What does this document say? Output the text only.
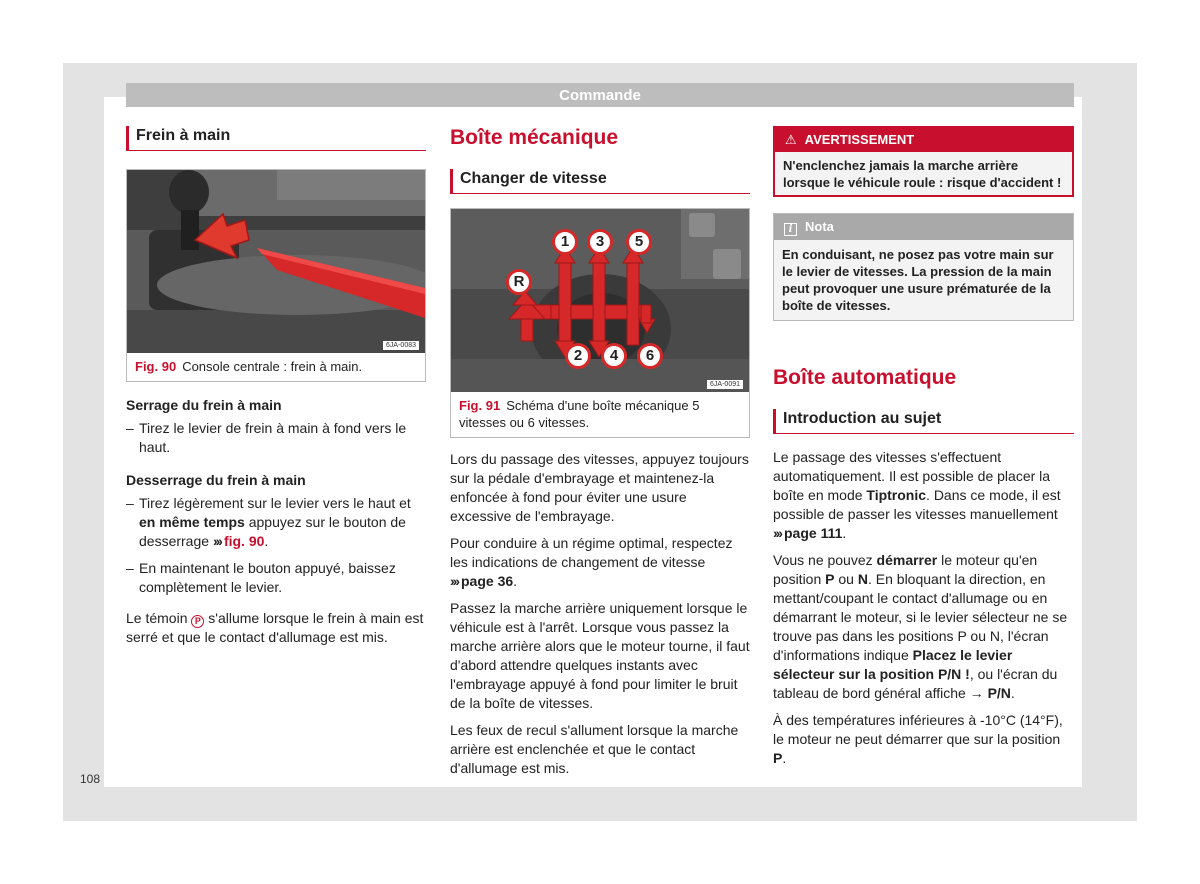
Commande
Frein à main
6JA-0083
Fig. 90 Console centrale : frein à main.
Serrage du frein à main
– Tirez le levier de frein à main à fond vers le haut.
Desserrage du frein à main
– Tirez légèrement sur le levier vers le haut et en même temps appuyez sur le bouton de desserrage ››› fig. 90.
– En maintenant le bouton appuyé, baissez complètement le levier.

Le témoin P s'allume lorsque le frein à main est serré et que le contact d'allumage est mis.

Boîte mécanique
Changer de vitesse
1	3	5
R
2	4	6
6JA-0091
Fig. 91 Schéma d'une boîte mécanique 5 vitesses ou 6 vitesses.

Lors du passage des vitesses, appuyez toujours sur la pédale d'embrayage et maintenez-la enfoncée à fond pour éviter une usure excessive de l'embrayage.

Pour conduire à un régime optimal, respectez les indications de changement de vitesse ››› page 36.

Passez la marche arrière uniquement lorsque le véhicule est à l'arrêt. Lorsque vous passez la marche arrière alors que le moteur tourne, il faut d'abord attendre quelques instants avec l'embrayage appuyé à fond pour limiter le bruit de la boîte de vitesses.

Les feux de recul s'allument lorsque la marche arrière est enclenchée et que le contact d'allumage est mis.

⚠ AVERTISSEMENT
N'enclenchez jamais la marche arrière lorsque le véhicule roule : risque d'accident !
i Nota
En conduisant, ne posez pas votre main sur le levier de vitesses. La pression de la main peut provoquer une usure prématurée de la boîte de vitesses.
Boîte automatique
Introduction au sujet

Le passage des vitesses s'effectuent automatiquement. Il est possible de placer la boîte en mode Tiptronic. Dans ce mode, il est possible de passer les vitesses manuellement ››› page 111.

Vous ne pouvez démarrer le moteur qu'en position P ou N. En bloquant la direction, en mettant/coupant le contact d'allumage ou en démarrant le moteur, si le levier sélecteur ne se trouve pas dans les positions P ou N, l'écran d'informations indique Placez le levier sélecteur sur la position P/N !, ou l'écran du tableau de bord général affiche → P/N.

À des températures inférieures à -10°C (14°F), le moteur ne peut démarrer que sur la position P.

108
